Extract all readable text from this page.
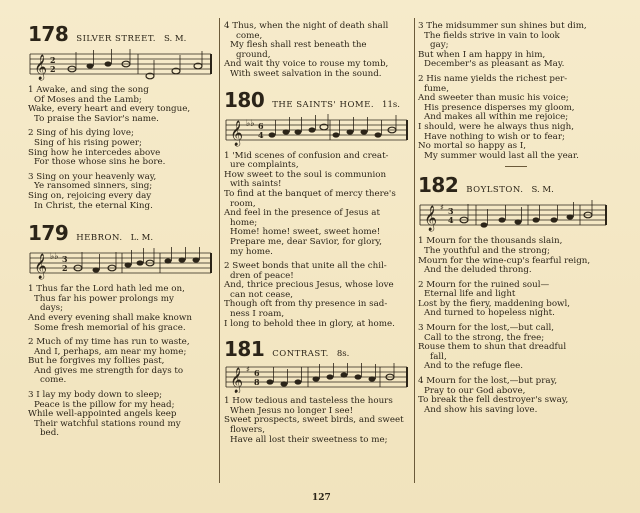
178 SILVER STREET. S. M.
𝄞 2
2
1 Awake, and sing the song
Of Moses and the Lamb;
Wake, every heart and every tongue,
To praise the Savior's name.
2 Sing of his dying love;
Sing of his rising power;
Sing how he intercedes above
For those whose sins he bore.
3 Sing on your heavenly way,
Ye ransomed sinners, sing;
Sing on, rejoicing every day
In Christ, the eternal King.
179 HEBRON. L. M.
𝄞 ♭♭ 3
2
1 Thus far the Lord hath led me on,
Thus far his power prolongs my
days;
And every evening shall make known
Some fresh memorial of his grace.
2 Much of my time has run to waste,
And I, perhaps, am near my home;
But he forgives my follies past,
And gives me strength for days to
come.
3 I lay my body down to sleep;
Peace is the pillow for my head;
While well-appointed angels keep
Their watchful stations round my
bed.
4 Thus, when the night of death shall
come,
My flesh shall rest beneath the
ground,
And wait thy voice to rouse my tomb,
With sweet salvation in the sound.
180 THE SAINTS' HOME. 11s.
𝄞 ♭♭ 6
4
1 'Mid scenes of confusion and creat-
ure complaints,
How sweet to the soul is communion
with saints!
To find at the banquet of mercy there's
room,
And feel in the presence of Jesus at
home;
Home! home! sweet, sweet home!
Prepare me, dear Savior, for glory,
my home.
2 Sweet bonds that unite all the chil-
dren of peace!
And, thrice precious Jesus, whose love
can not cease,
Though oft from thy presence in sad-
ness I roam,
I long to behold thee in glory, at home.
181 CONTRAST. 8s.
𝄞 ♯ 6
8
1 How tedious and tasteless the hours
When Jesus no longer I see!
Sweet prospects, sweet birds, and sweet
flowers,
Have all lost their sweetness to me;
3 The midsummer sun shines but dim,
The fields strive in vain to look
gay;
But when I am happy in him,
December's as pleasant as May.
2 His name yields the richest per-
fume,
And sweeter than music his voice;
His presence disperses my gloom,
And makes all within me rejoice;
I should, were he always thus nigh,
Have nothing to wish or to fear;
No mortal so happy as I,
My summer would last all the year.
182 BOYLSTON. S. M.
𝄞 ♯ 3
4
1 Mourn for the thousands slain,
The youthful and the strong;
Mourn for the wine-cup's fearful reign,
And the deluded throng.
2 Mourn for the ruined soul—
Eternal life and light
Lost by the fiery, maddening bowl,
And turned to hopeless night.
3 Mourn for the lost,—but call,
Call to the strong, the free;
Rouse them to shun that dreadful
fall,
And to the refuge flee.
4 Mourn for the lost,—but pray,
Pray to our God above,
To break the fell destroyer's sway,
And show his saving love.
127
